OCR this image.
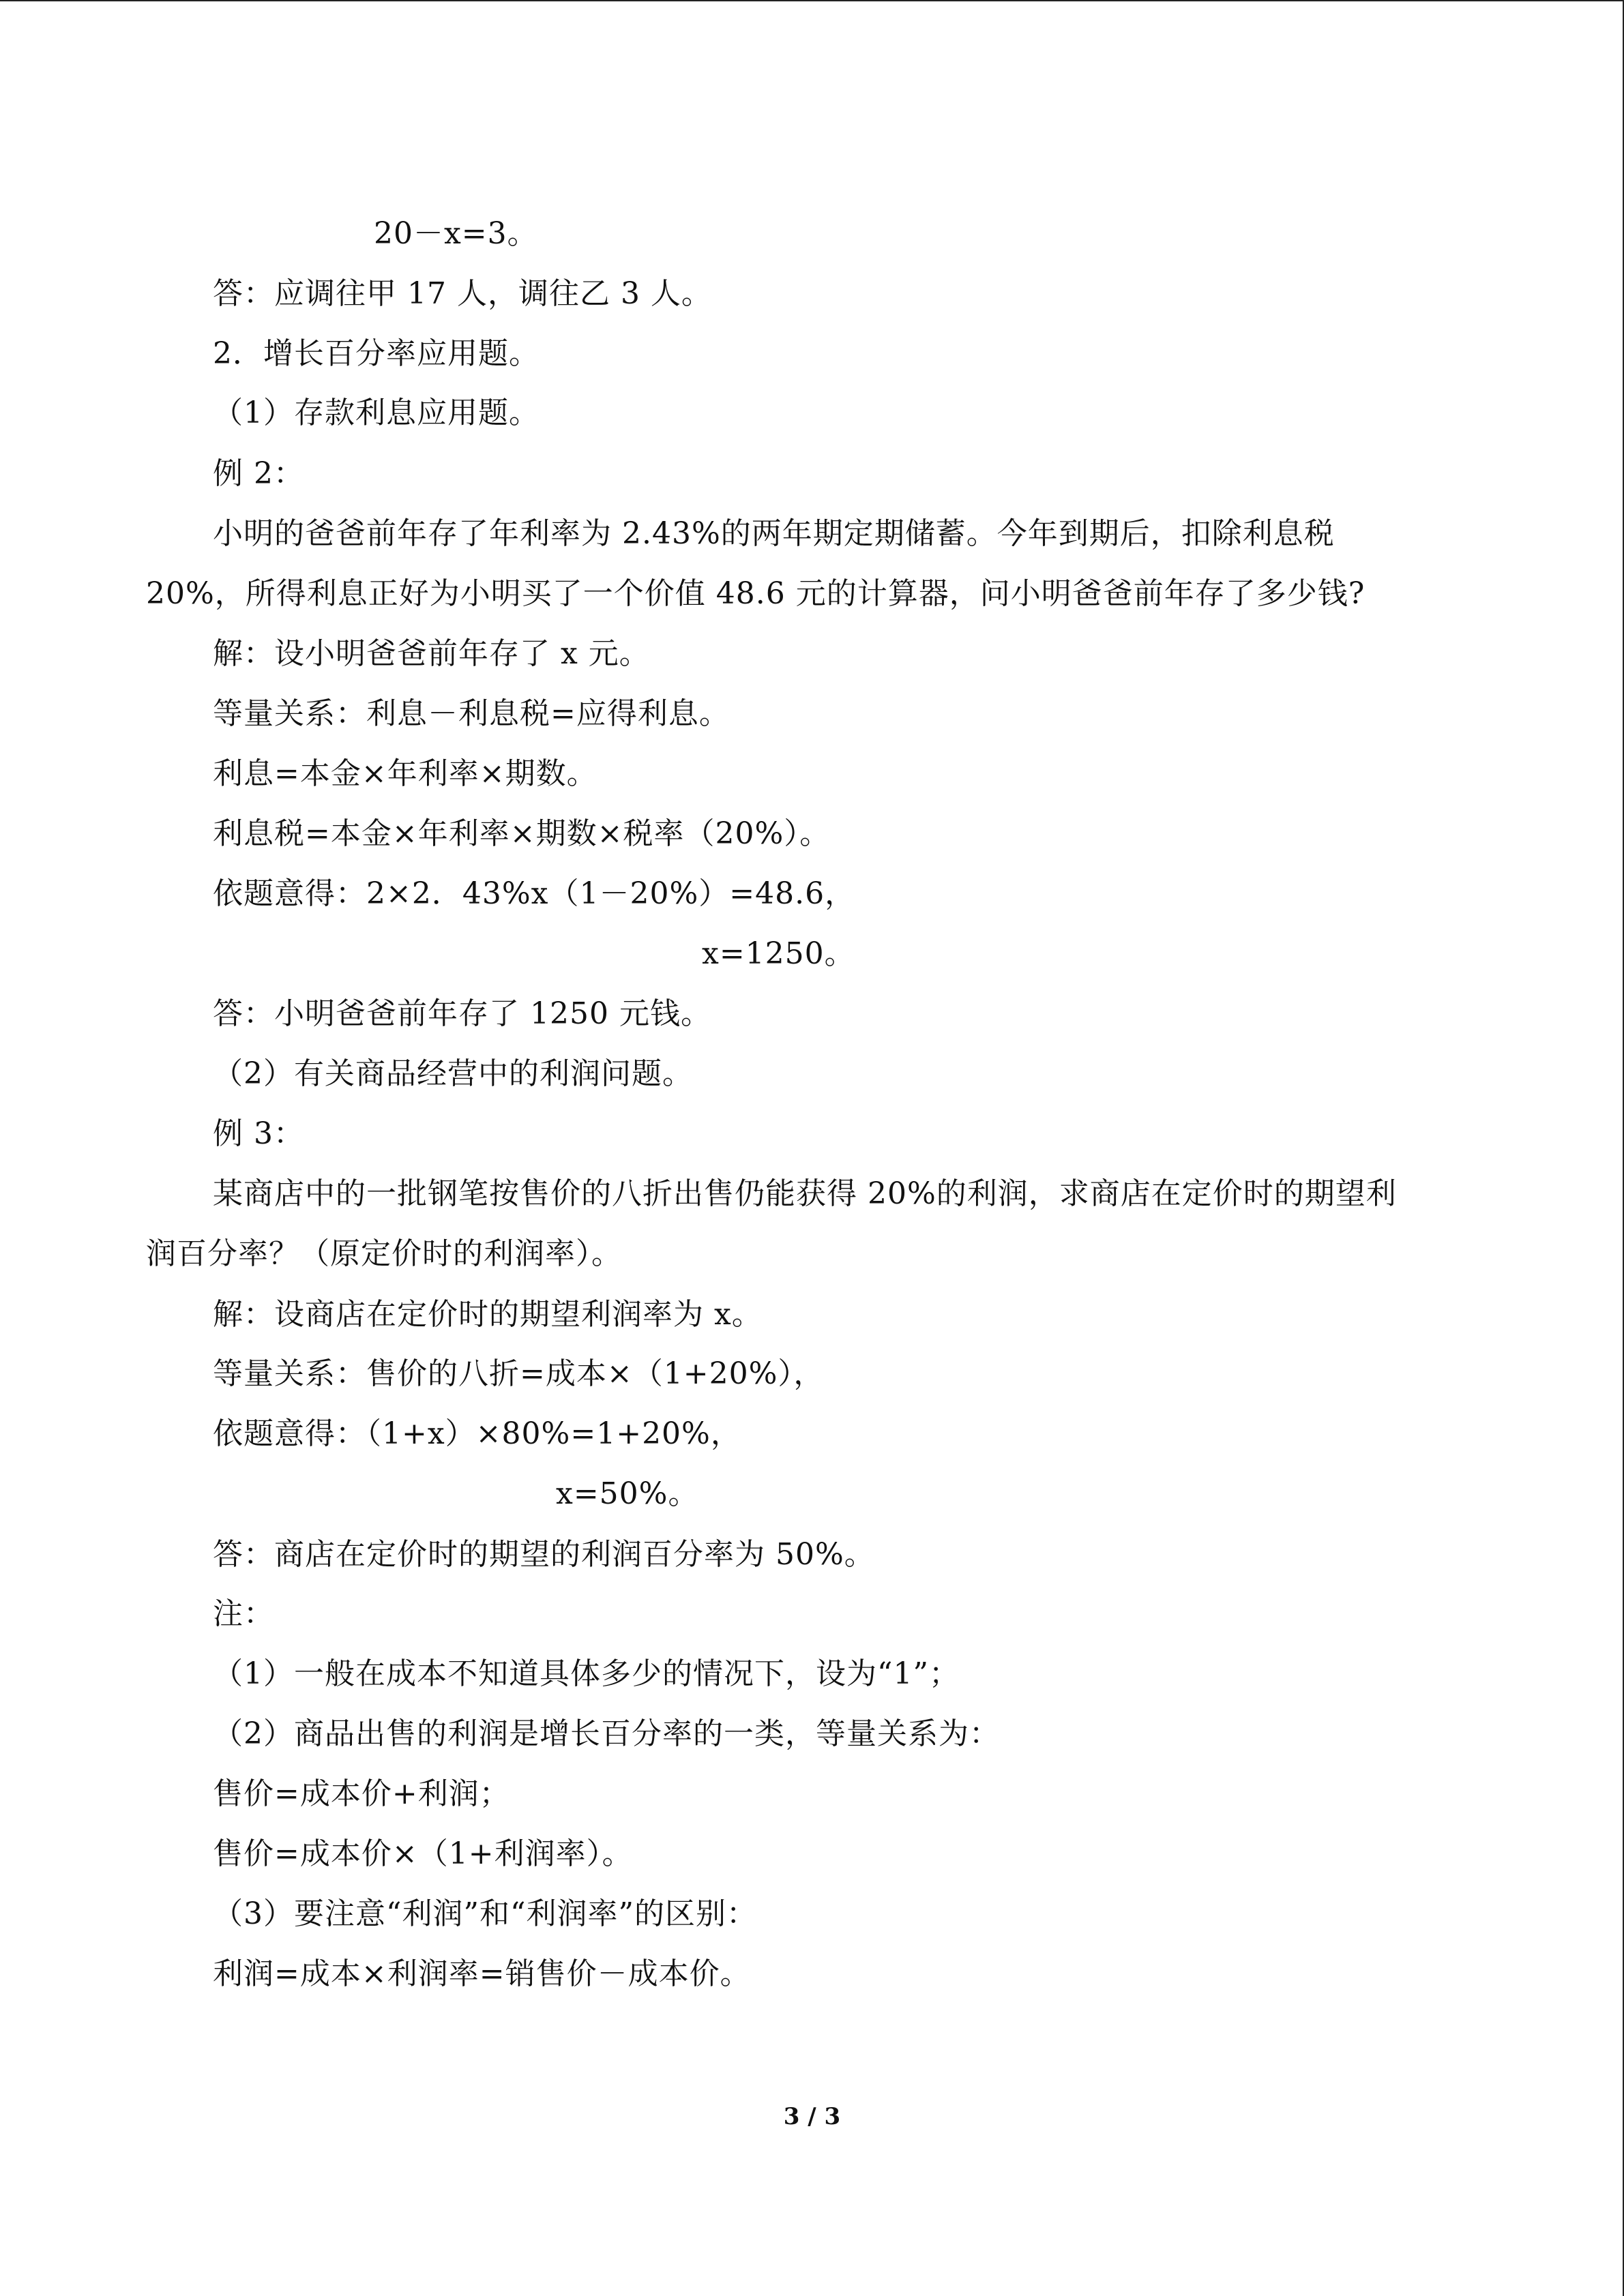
20－x=3。
答：应调往甲 17 人，调往乙 3 人。
2．增长百分率应用题。
（1）存款利息应用题。
例 2：
小明的爸爸前年存了年利率为 2.43%的两年期定期储蓄。今年到期后，扣除利息税
20%，所得利息正好为小明买了一个价值 48.6 元的计算器，问小明爸爸前年存了多少钱?
解：设小明爸爸前年存了 x 元。
等量关系：利息－利息税=应得利息。
利息=本金×年利率×期数。
利息税=本金×年利率×期数×税率（20%）。
依题意得：2×2．43%x（1－20%）=48.6，
x=1250。
答：小明爸爸前年存了 1250 元钱。
（2）有关商品经营中的利润问题。
例 3：
某商店中的一批钢笔按售价的八折出售仍能获得 20%的利润，求商店在定价时的期望利
润百分率？（原定价时的利润率）。
解：设商店在定价时的期望利润率为 x。
等量关系：售价的八折=成本×（1+20%），
依题意得：（1+x）×80%=1+20%，
x=50%。
答：商店在定价时的期望的利润百分率为 50%。
注：
（1）一般在成本不知道具体多少的情况下，设为“1”；
（2）商品出售的利润是增长百分率的一类，等量关系为：
售价=成本价+利润；
售价=成本价×（1+利润率）。
（3）要注意“利润”和“利润率”的区别：
利润=成本×利润率=销售价－成本价。
3 / 3
